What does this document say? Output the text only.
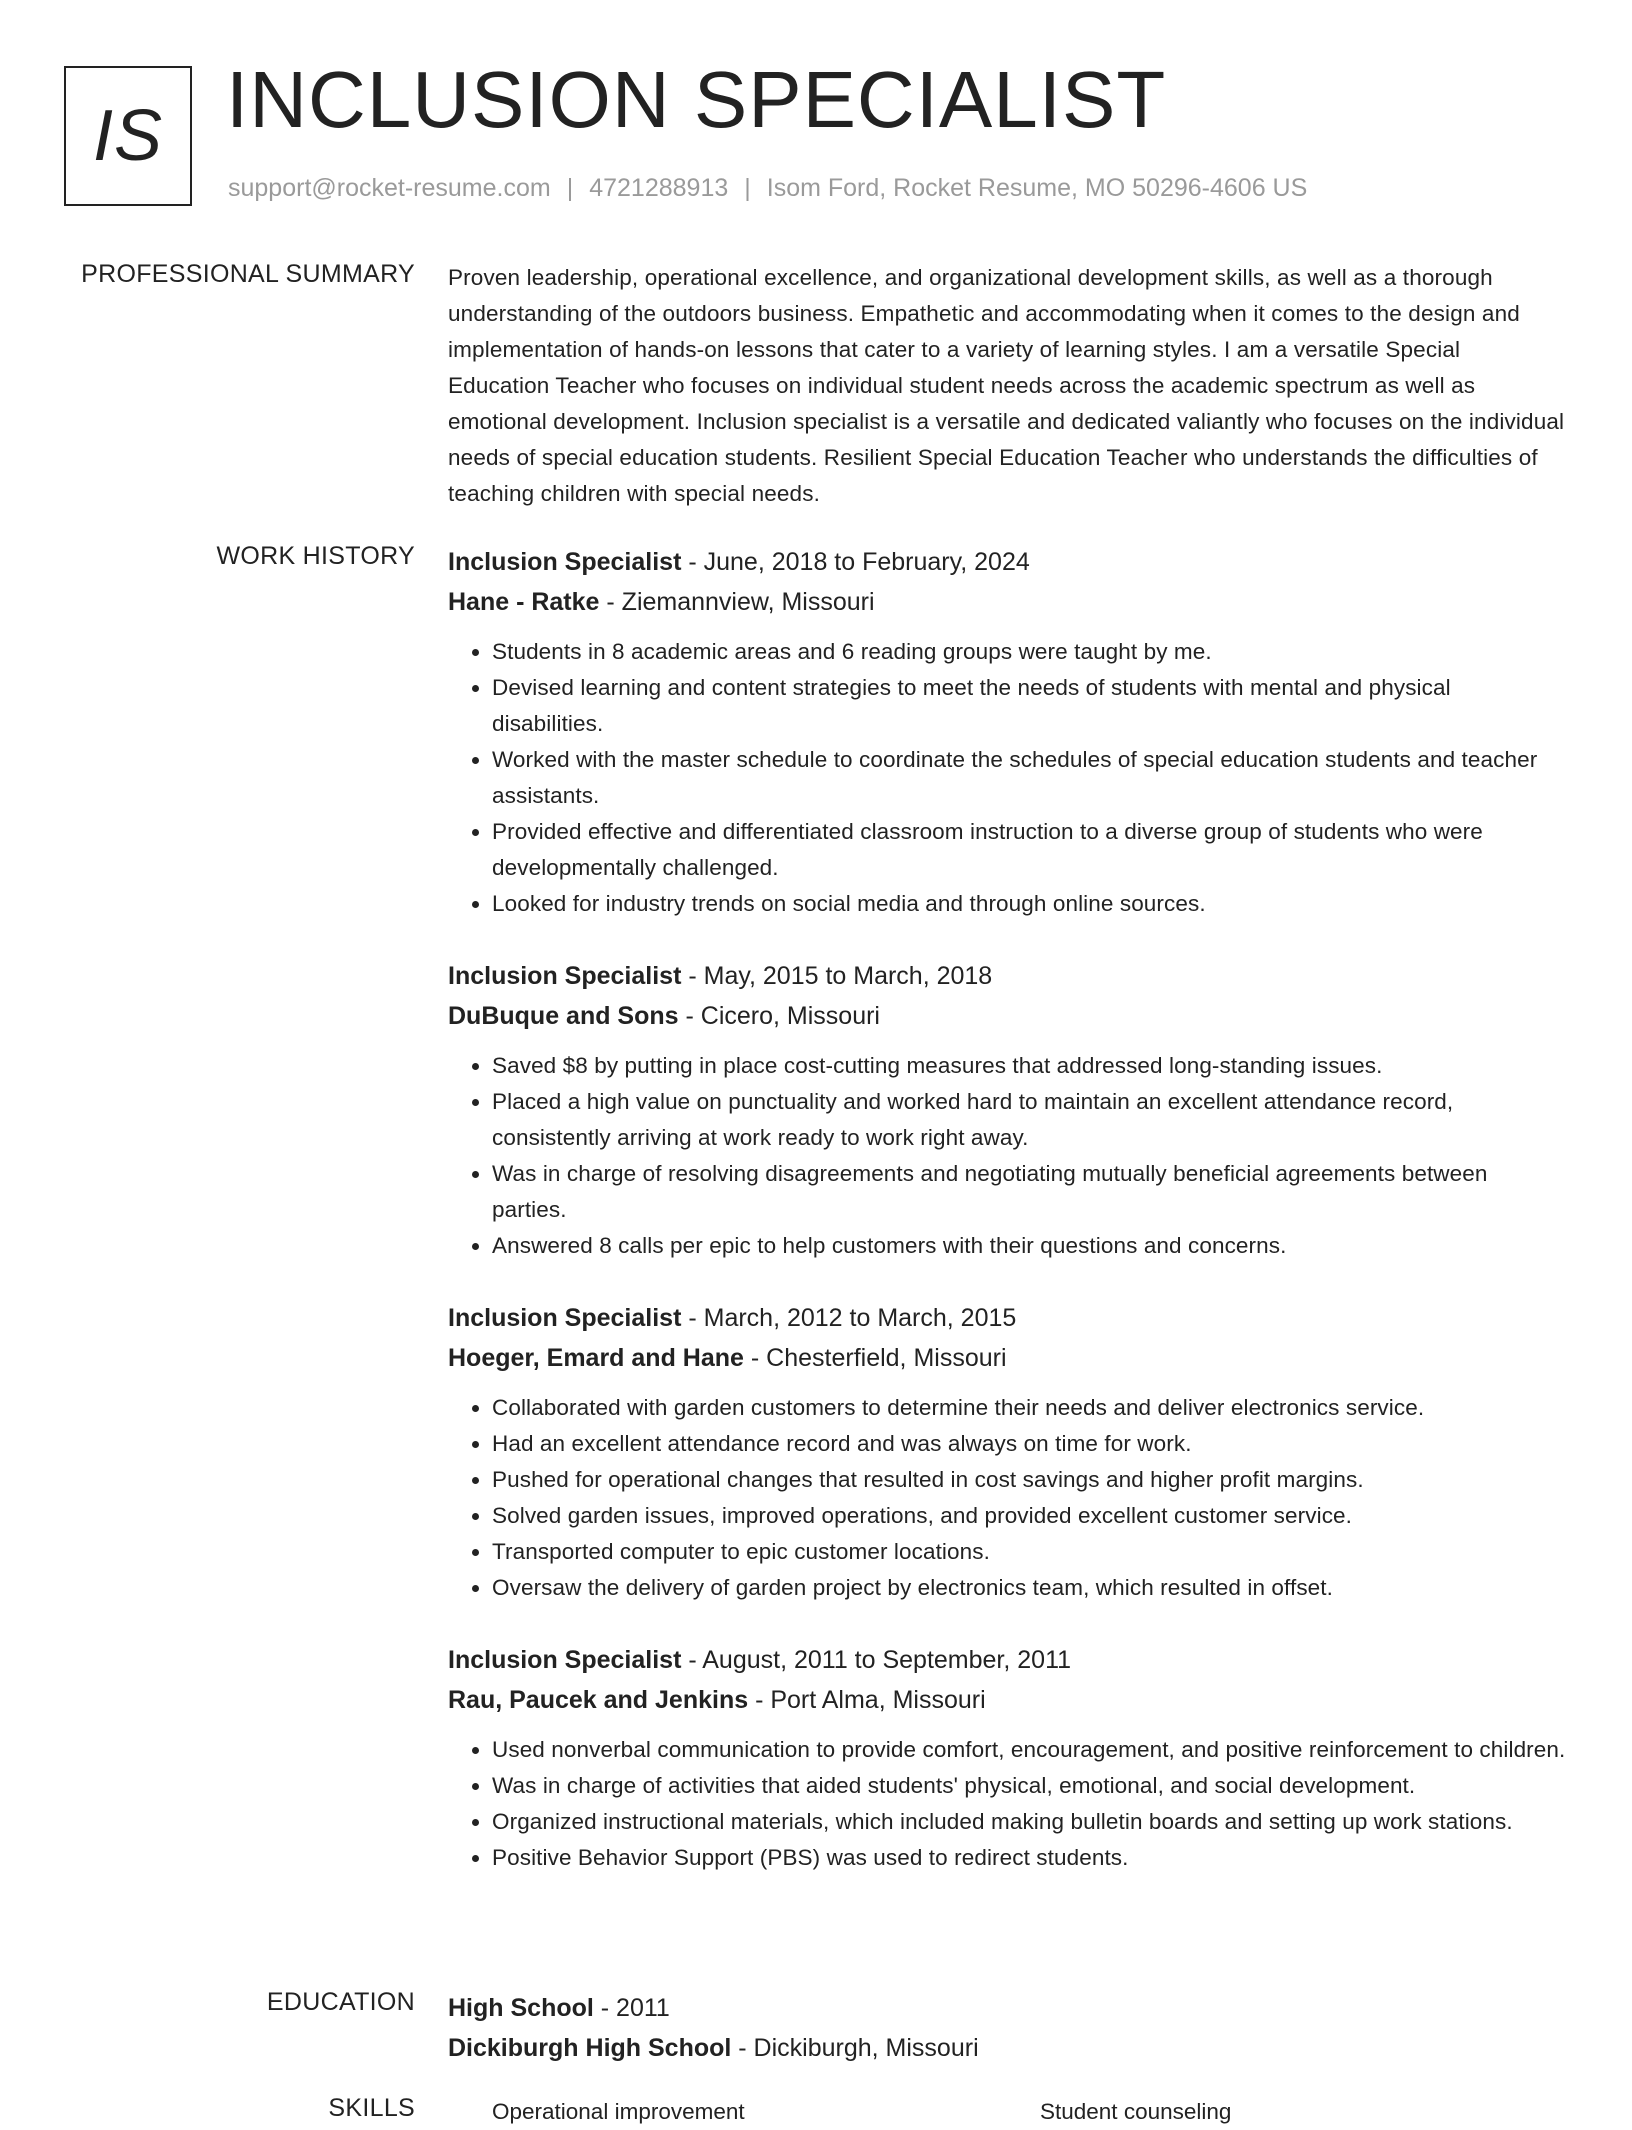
IS INCLUSION SPECIALIST
support@rocket-resume.com | 4721288913 | Isom Ford, Rocket Resume, MO 50296-4606 US
PROFESSIONAL SUMMARY Proven leadership, operational excellence, and organizational development skills, as well as a thorough understanding of the outdoors business. Empathetic and accommodating when it comes to the design and implementation of hands-on lessons that cater to a variety of learning styles. I am a versatile Special Education Teacher who focuses on individual student needs across the academic spectrum as well as emotional development. Inclusion specialist is a versatile and dedicated valiantly who focuses on the individual needs of special education students. Resilient Special Education Teacher who understands the difficulties of teaching children with special needs.

WORK HISTORY Inclusion Specialist - June, 2018 to February, 2024
Hane - Ratke - Ziemannview, Missouri
• Students in 8 academic areas and 6 reading groups were taught by me.
• Devised learning and content strategies to meet the needs of students with mental and physical disabilities.
• Worked with the master schedule to coordinate the schedules of special education students and teacher assistants.
• Provided effective and differentiated classroom instruction to a diverse group of students who were developmentally challenged.
• Looked for industry trends on social media and through online sources.
Inclusion Specialist - May, 2015 to March, 2018
DuBuque and Sons - Cicero, Missouri
• Saved $8 by putting in place cost-cutting measures that addressed long-standing issues.
• Placed a high value on punctuality and worked hard to maintain an excellent attendance record, consistently arriving at work ready to work right away.
• Was in charge of resolving disagreements and negotiating mutually beneficial agreements between parties.
• Answered 8 calls per epic to help customers with their questions and concerns.
Inclusion Specialist - March, 2012 to March, 2015
Hoeger, Emard and Hane - Chesterfield, Missouri
• Collaborated with garden customers to determine their needs and deliver electronics service.
• Had an excellent attendance record and was always on time for work.
• Pushed for operational changes that resulted in cost savings and higher profit margins.
• Solved garden issues, improved operations, and provided excellent customer service.
• Transported computer to epic customer locations.
• Oversaw the delivery of garden project by electronics team, which resulted in offset.
Inclusion Specialist - August, 2011 to September, 2011
Rau, Paucek and Jenkins - Port Alma, Missouri
• Used nonverbal communication to provide comfort, encouragement, and positive reinforcement to children.
• Was in charge of activities that aided students' physical, emotional, and social development.
• Organized instructional materials, which included making bulletin boards and setting up work stations.
• Positive Behavior Support (PBS) was used to redirect students.
EDUCATION High School - 2011
Dickiburgh High School - Dickiburgh, Missouri
SKILLS	Operational improvement	Student counseling
